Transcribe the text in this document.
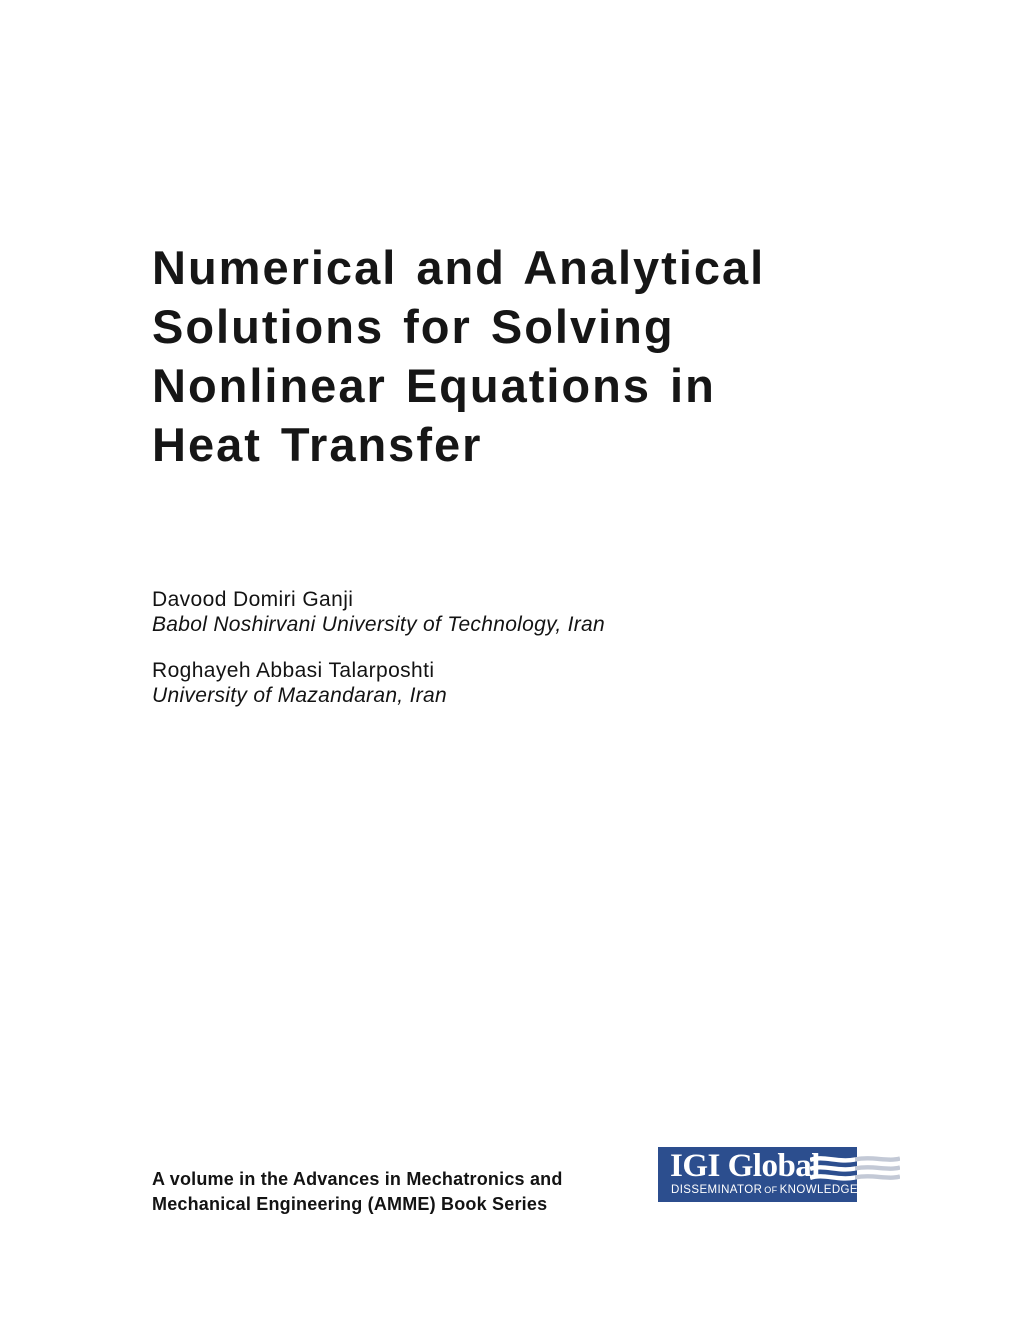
Numerical and Analytical
Solutions for Solving
Nonlinear Equations in
Heat Transfer
Davood Domiri Ganji
Babol Noshirvani University of Technology, Iran
Roghayeh Abbasi Talarposhti
University of Mazandaran, Iran
A volume in the Advances in Mechatronics and
Mechanical Engineering (AMME) Book Series
IGI Global
DISSEMINATOR OF KNOWLEDGE
